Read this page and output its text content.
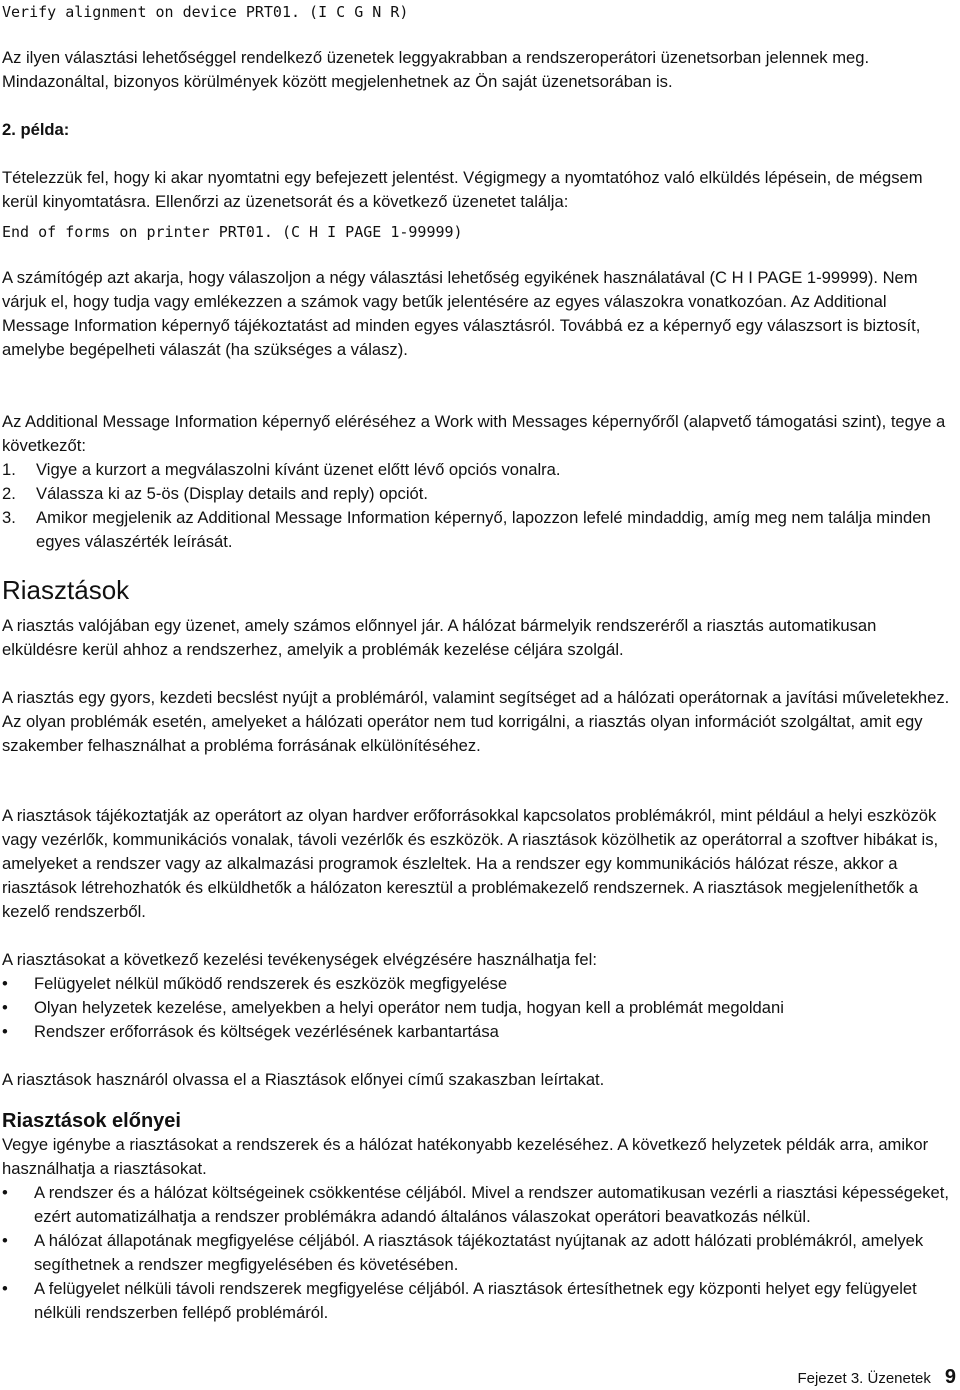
Verify alignment on device PRT01. (I C G N R)

Az ilyen választási lehetőséggel rendelkező üzenetek leggyakrabban a rendszeroperátori üzenetsorban jelennek meg. Mindazonáltal, bizonyos körülmények között megjelenhetnek az Ön saját üzenetsorában is.

2. példa:

Tételezzük fel, hogy ki akar nyomtatni egy befejezett jelentést. Végigmegy a nyomtatóhoz való elküldés lépésein, de mégsem kerül kinyomtatásra. Ellenőrzi az üzenetsorát és a következő üzenetet találja:

End of forms on printer PRT01. (C H I PAGE 1-99999)

A számítógép azt akarja, hogy válaszoljon a négy választási lehetőség egyikének használatával (C H I PAGE 1-99999). Nem várjuk el, hogy tudja vagy emlékezzen a számok vagy betűk jelentésére az egyes válaszokra vonatkozóan. Az Additional Message Information képernyő tájékoztatást ad minden egyes választásról. Továbbá ez a képernyő egy válaszsort is biztosít, amelybe begépelheti válaszát (ha szükséges a válasz).

Az Additional Message Information képernyő eléréséhez a Work with Messages képernyőről (alapvető támogatási szint), tegye a következőt:

1. Vigye a kurzort a megválaszolni kívánt üzenet előtt lévő opciós vonalra.
2. Válassza ki az 5-ös (Display details and reply) opciót.
3. Amikor megjelenik az Additional Message Information képernyő, lapozzon lefelé mindaddig, amíg meg nem találja minden egyes válaszérték leírását.
Riasztások

A riasztás valójában egy üzenet, amely számos előnnyel jár. A hálózat bármelyik rendszeréről a riasztás automatikusan elküldésre kerül ahhoz a rendszerhez, amelyik a problémák kezelése céljára szolgál.

A riasztás egy gyors, kezdeti becslést nyújt a problémáról, valamint segítséget ad a hálózati operátornak a javítási műveletekhez. Az olyan problémák esetén, amelyeket a hálózati operátor nem tud korrigálni, a riasztás olyan információt szolgáltat, amit egy szakember felhasználhat a probléma forrásának elkülönítéséhez.

A riasztások tájékoztatják az operátort az olyan hardver erőforrásokkal kapcsolatos problémákról, mint például a helyi eszközök vagy vezérlők, kommunikációs vonalak, távoli vezérlők és eszközök. A riasztások közölhetik az operátorral a szoftver hibákat is, amelyeket a rendszer vagy az alkalmazási programok észleltek. Ha a rendszer egy kommunikációs hálózat része, akkor a riasztások létrehozhatók és elküldhetők a hálózaton keresztül a problémakezelő rendszernek. A riasztások megjeleníthetők a kezelő rendszerből.

A riasztásokat a következő kezelési tevékenységek elvégzésére használhatja fel:

• Felügyelet nélkül működő rendszerek és eszközök megfigyelése
• Olyan helyzetek kezelése, amelyekben a helyi operátor nem tudja, hogyan kell a problémát megoldani
• Rendszer erőforrások és költségek vezérlésének karbantartása

A riasztások hasznáról olvassa el a Riasztások előnyei című szakaszban leírtakat.

Riasztások előnyei

Vegye igénybe a riasztásokat a rendszerek és a hálózat hatékonyabb kezeléséhez. A következő helyzetek példák arra, amikor használhatja a riasztásokat.

• A rendszer és a hálózat költségeinek csökkentése céljából. Mivel a rendszer automatikusan vezérli a riasztási képességeket, ezért automatizálhatja a rendszer problémákra adandó általános válaszokat operátori beavatkozás nélkül.
• A hálózat állapotának megfigyelése céljából. A riasztások tájékoztatást nyújtanak az adott hálózati problémákról, amelyek segíthetnek a rendszer megfigyelésében és követésében.
• A felügyelet nélküli távoli rendszerek megfigyelése céljából. A riasztások értesíthetnek egy központi helyet egy felügyelet nélküli rendszerben fellépő problémáról.
Fejezet 3. Üzenetek 9
